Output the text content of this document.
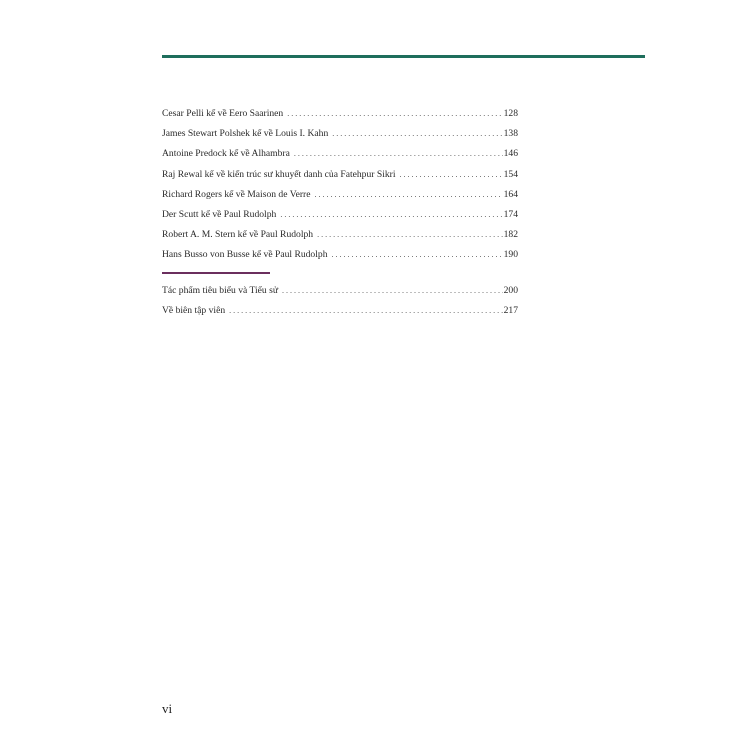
Cesar Pelli kể về Eero Saarinen . . .	128
James Stewart Polshek kể về Louis I. Kahn . . .	138
Antoine Predock kể về Alhambra . . .	146
Raj Rewal kể về kiến trúc sư khuyết danh của Fatehpur Sikri . . .	154
Richard Rogers kể về Maison de Verre . . .	164
Der Scutt kể về Paul Rudolph . . .	174
Robert A. M. Stern kể về Paul Rudolph . . .	182
Hans Busso von Busse kể về Paul Rudolph . . .	190
Tác phẩm tiêu biểu và Tiểu sử . . .	200
Về biên tập viên . . .	217
vi
